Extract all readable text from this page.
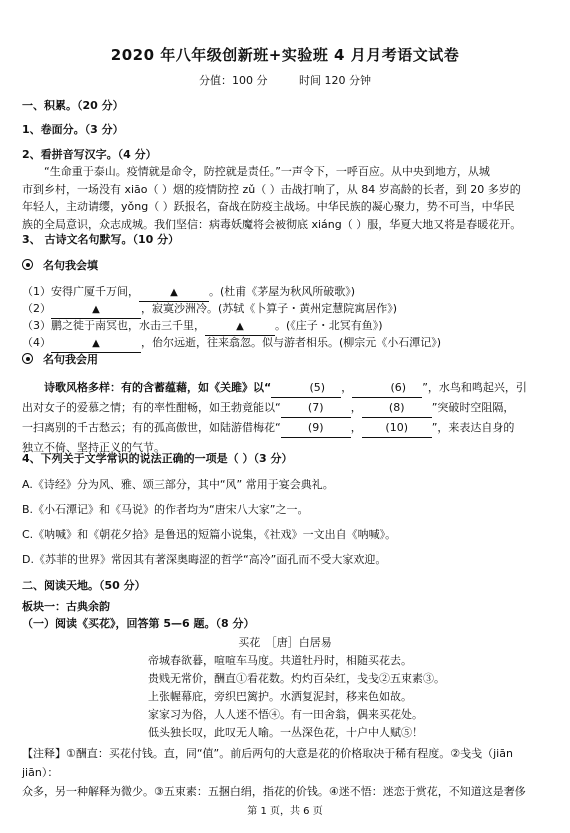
2020 年八年级创新班+实验班 4 月月考语文试卷
分值：100 分	时间 120 分钟
一、积累。（20 分）
1、卷面分。（3 分）
2、看拼音写汉字。（4 分）
“生命重于泰山。疫情就是命令，防控就是责任。”一声令下，一呼百应。从中央到地方，从城
市到乡村，一场没有 xiāo（ ）烟的疫情防控 zǔ（ ）击战打响了，从 84 岁高龄的长者，到 20 多岁的
年轻人，主动请缨，yǒng（ ）跃报名，奋战在防疫主战场。中华民族的凝心聚力，势不可当，中华民
族的全局意识，众志成城。我们坚信：病毒妖魔将会被彻底 xiáng（ ）服，华夏大地又将是春暖花开。
3、 古诗文名句默写。（10 分）
名句我会填
（1）安得广厦千万间，	▲	。(杜甫《茅屋为秋风所破歌》)
（2）	▲	，寂寞沙洲冷。(苏轼《卜算子・黄州定慧院寓居作》)
（3）鹏之徙于南冥也，水击三千里，	▲	。(《庄子・北冥有鱼》)
（4）	▲	，佁尔远逝，往来翕忽。似与游者相乐。(柳宗元《小石潭记》)
名句我会用
诗歌风格多样：有的含蓄蕴藉，如《关雎》以“	(5) ，	(6) ”，水鸟和鸣起兴，引
出对女子的爱慕之情；有的率性酣畅，如王勃竟能以“ (7) ， (8) ”突破时空阻隔，
一扫离别的千古愁云；有的孤高傲世，如陆游借梅花“ (9) ， (10) ”，来表达自身的
独立不倚、坚持正义的气节。
4、下列关于文学常识的说法正确的一项是（ ）（3 分）
A.《诗经》分为风、雅、颂三部分，其中“风” 常用于宴会典礼。
B.《小石潭记》和《马说》的作者均为“唐宋八大家”之一。
C.《呐喊》和《朝花夕拾》是鲁迅的短篇小说集，《社戏》一文出自《呐喊》。
D.《苏菲的世界》常因其有著深奥晦涩的哲学“高冷”面孔而不受大家欢迎。
二、阅读天地。（50 分）
板块一：古典余韵
（一）阅读《买花》，回答第 5—6 题。（8 分）
买花　［唐］白居易
帝城春欲暮，喧喧车马度。共道牡丹时，相随买花去。
贵贱无常价，酬直①看花数。灼灼百朵红，戋戋②五束素③。
上张幄幕庇，旁织巴篱护。水洒复泥封，移来色如故。
家家习为俗，人人迷不悟④。有一田舍翁，偶来买花处。
低头独长叹，此叹无人喻。一丛深色花，十户中人赋⑤！
【注释】①酬直：买花付钱。直，同“值”。前后两句的大意是花的价格取决于稀有程度。②戋戋（jiān jiān）：
众多，另一种解释为微少。③五束素：五捆白绢，指花的价钱。④迷不悟：迷恋于赏花，不知道这是奢侈
第 1 页，共 6 页
